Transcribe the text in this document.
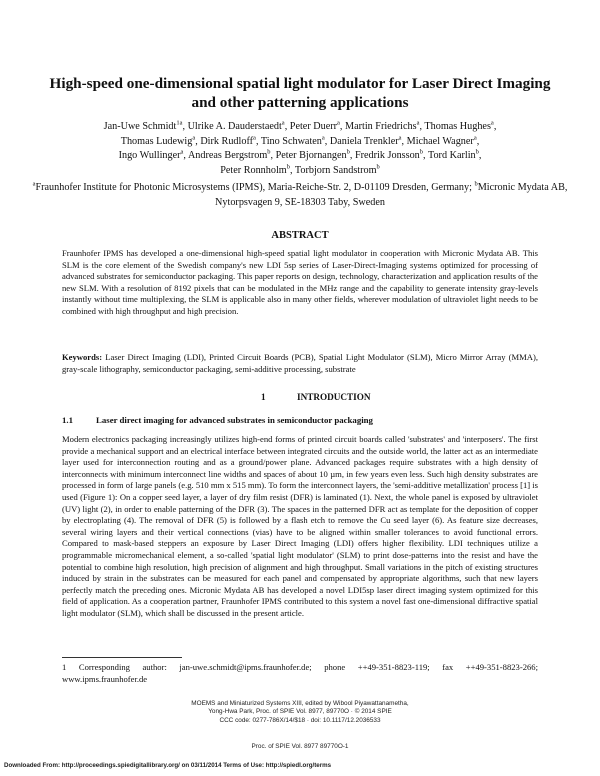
High-speed one-dimensional spatial light modulator for Laser Direct Imaging and other patterning applications
Jan-Uwe Schmidt$^{1a}$, Ulrike A. Dauderstaedt$^a$, Peter Duerr$^a$, Martin Friedrichs$^a$, Thomas Hughes$^a$,
Thomas Ludewig$^a$, Dirk Rudloff$^a$, Tino Schwaten$^a$, Daniela Trenkler$^a$, Michael Wagner$^a$,
Ingo Wullinger$^a$, Andreas Bergstrom$^b$, Peter Bjornangen$^b$, Fredrik Jonsson$^b$, Tord Karlin$^b$,
Peter Ronnholm$^b$, Torbjorn Sandstrom$^b$
$^a$Fraunhofer Institute for Photonic Microsystems (IPMS), Maria-Reiche-Str. 2, D-01109 Dresden, Germany; $^b$Micronic Mydata AB, Nytorpsvagen 9, SE-18303 Taby, Sweden
ABSTRACT
Fraunhofer IPMS has developed a one-dimensional high-speed spatial light modulator in cooperation with Micronic Mydata AB. This SLM is the core element of the Swedish company's new LDI 5sp series of Laser-Direct-Imaging systems optimized for processing of advanced substrates for semiconductor packaging. This paper reports on design, technology, characterization and application results of the new SLM. With a resolution of 8192 pixels that can be modulated in the MHz range and the capability to generate intensity gray-levels instantly without time multiplexing, the SLM is applicable also in many other fields, wherever modulation of ultraviolet light needs to be combined with high throughput and high precision.
Keywords: Laser Direct Imaging (LDI), Printed Circuit Boards (PCB), Spatial Light Modulator (SLM), Micro Mirror Array (MMA), gray-scale lithography, semiconductor packaging, semi-additive processing, substrate
1	INTRODUCTION
1.1	Laser direct imaging for advanced substrates in semiconductor packaging
Modern electronics packaging increasingly utilizes high-end forms of printed circuit boards called 'substrates' and 'interposers'. The first provide a mechanical support and an electrical interface between integrated circuits and the outside world, the latter act as an intermediate layer used for interconnection routing and as a ground/power plane. Advanced packages require substrates with a high density of interconnects with minimum interconnect line widths and spaces of about 10 µm, in few years even less. Such high density substrates are processed in form of large panels (e.g. 510 mm x 515 mm). To form the interconnect layers, the 'semi-additive metallization' process [1] is used (Figure 1): On a copper seed layer, a layer of dry film resist (DFR) is laminated (1). Next, the whole panel is exposed by ultraviolet (UV) light (2), in order to enable patterning of the DFR (3). The spaces in the patterned DFR act as template for the deposition of copper by electroplating (4). The removal of DFR (5) is followed by a flash etch to remove the Cu seed layer (6). As feature size decreases, several wiring layers and their vertical connections (vias) have to be aligned within smaller tolerances to avoid functional errors. Compared to mask-based steppers an exposure by Laser Direct Imaging (LDI) offers higher flexibility. LDI techniques utilize a programmable micromechanical element, a so-called 'spatial light modulator' (SLM) to print dose-patterns into the resist and have the potential to combine high resolution, high precision of alignment and high throughput. Small variations in the pitch of existing structures induced by strain in the substrates can be measured for each panel and compensated by appropriate algorithms, such that new layers perfectly match the preceding ones. Micronic Mydata AB has developed a novel LDI5sp laser direct imaging system optimized for this field of application. As a cooperation partner, Fraunhofer IPMS contributed to this system a novel fast one-dimensional diffractive spatial light modulator (SLM), which shall be discussed in the present article.
1 Corresponding author: jan-uwe.schmidt@ipms.fraunhofer.de; phone ++49-351-8823-119; fax ++49-351-8823-266; www.ipms.fraunhofer.de
MOEMS and Miniaturized Systems XIII, edited by Wibool Piyawattanametha,
Yong-Hwa Park, Proc. of SPIE Vol. 8977, 89770O · © 2014 SPIE
CCC code: 0277-786X/14/$18 · doi: 10.1117/12.2036533
Proc. of SPIE Vol. 8977 89770O-1
Downloaded From: http://proceedings.spiedigitallibrary.org/ on 03/11/2014 Terms of Use: http://spiedl.org/terms
